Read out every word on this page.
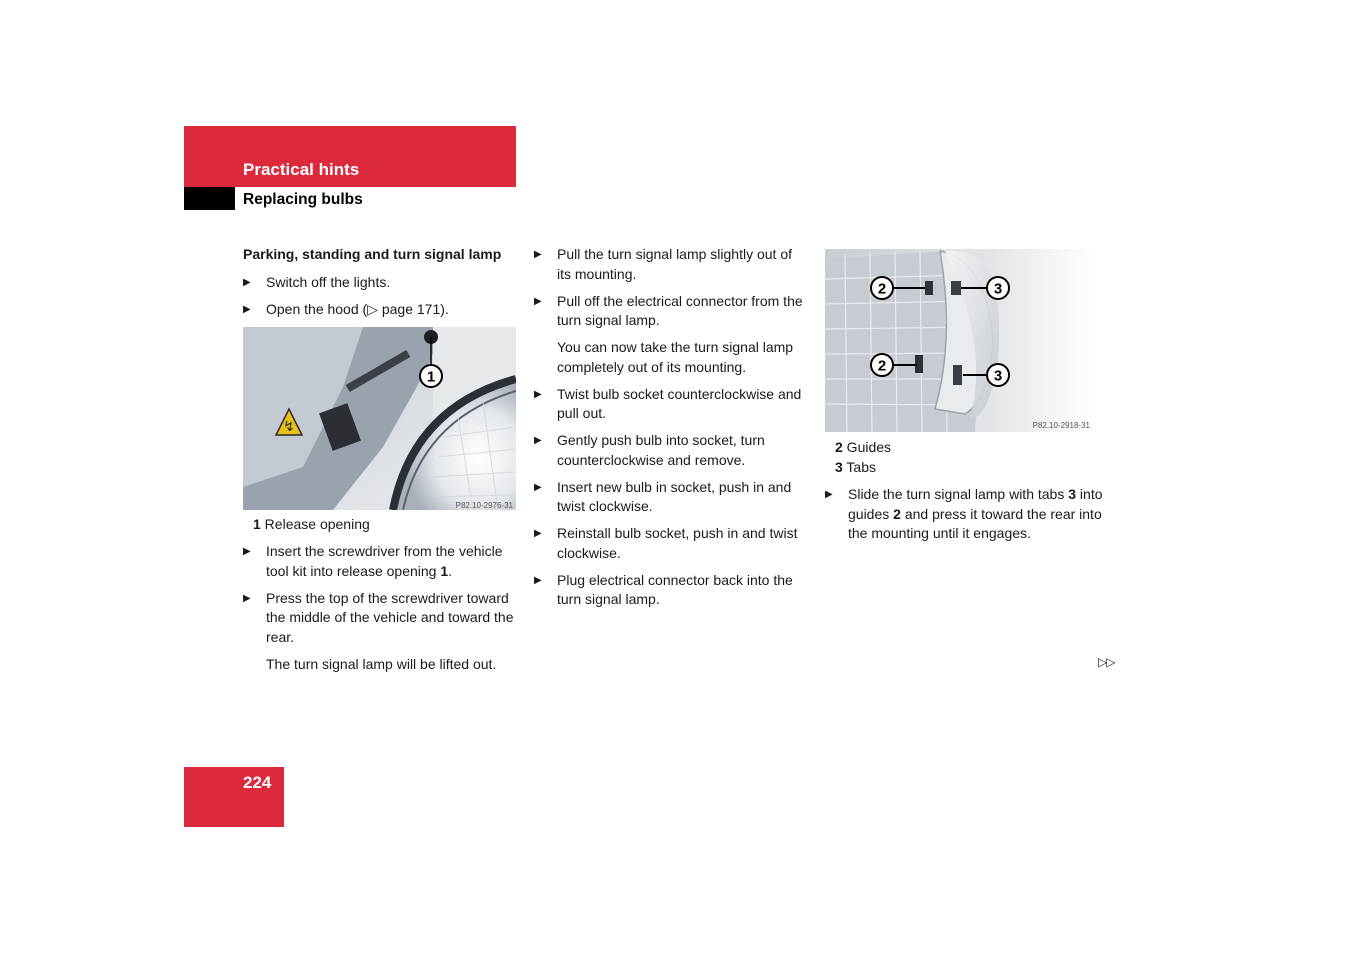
Practical hints
Replacing bulbs
Parking, standing and turn signal lamp
▶ Switch off the lights.
▶ Open the hood (▷ page 171).
↯
1
P82.10-2976-31
1 Release opening
▶ Insert the screwdriver from the vehicle tool kit into release opening 1.
▶ Press the top of the screwdriver toward the middle of the vehicle and toward the rear.
The turn signal lamp will be lifted out.
▶ Pull the turn signal lamp slightly out of its mounting.
▶ Pull off the electrical connector from the turn signal lamp.
You can now take the turn signal lamp completely out of its mounting.
▶ Twist bulb socket counterclockwise and pull out.
▶ Gently push bulb into socket, turn counterclockwise and remove.
▶ Insert new bulb in socket, push in and twist clockwise.
▶ Reinstall bulb socket, push in and twist clockwise.
▶ Plug electrical connector back into the turn signal lamp.
2
2
3
3
P82.10-2918-31
2 Guides
3 Tabs
▶ Slide the turn signal lamp with tabs 3 into guides 2 and press it toward the rear into the mounting until it engages.
▷▷
224
